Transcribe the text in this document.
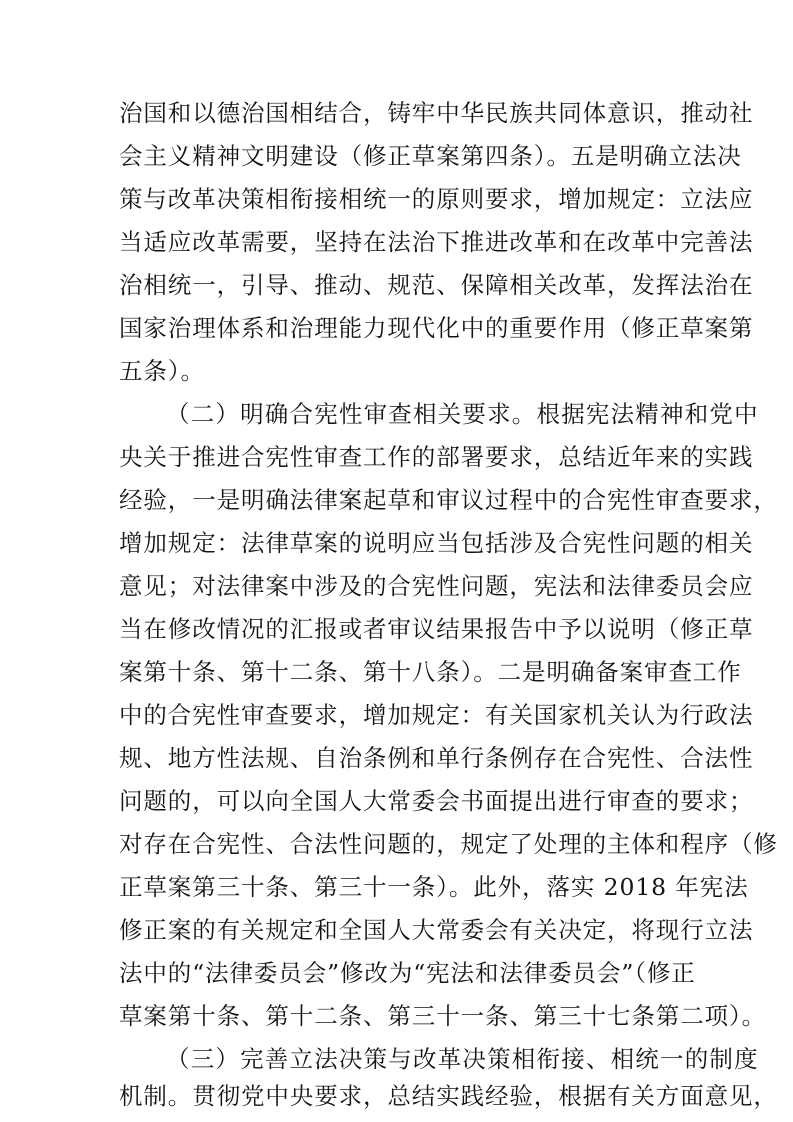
治国和以德治国相结合，铸牢中华民族共同体意识，推动社
会主义精神文明建设（修正草案第四条）。五是明确立法决
策与改革决策相衔接相统一的原则要求，增加规定：立法应
当适应改革需要，坚持在法治下推进改革和在改革中完善法
治相统一，引导、推动、规范、保障相关改革，发挥法治在
国家治理体系和治理能力现代化中的重要作用（修正草案第
五条）。
（二）明确合宪性审查相关要求。根据宪法精神和党中
央关于推进合宪性审查工作的部署要求，总结近年来的实践
经验，一是明确法律案起草和审议过程中的合宪性审查要求，
增加规定：法律草案的说明应当包括涉及合宪性问题的相关
意见；对法律案中涉及的合宪性问题，宪法和法律委员会应
当在修改情况的汇报或者审议结果报告中予以说明（修正草
案第十条、第十二条、第十八条）。二是明确备案审查工作
中的合宪性审查要求，增加规定：有关国家机关认为行政法
规、地方性法规、自治条例和单行条例存在合宪性、合法性
问题的，可以向全国人大常委会书面提出进行审查的要求；
对存在合宪性、合法性问题的，规定了处理的主体和程序（修
正草案第三十条、第三十一条）。此外，落实 2018 年宪法
修正案的有关规定和全国人大常委会有关决定，将现行立法
法中的“法律委员会”修改为“宪法和法律委员会”（修正
草案第十条、第十二条、第三十一条、第三十七条第二项）。
（三）完善立法决策与改革决策相衔接、相统一的制度
机制。贯彻党中央要求，总结实践经验，根据有关方面意见，
